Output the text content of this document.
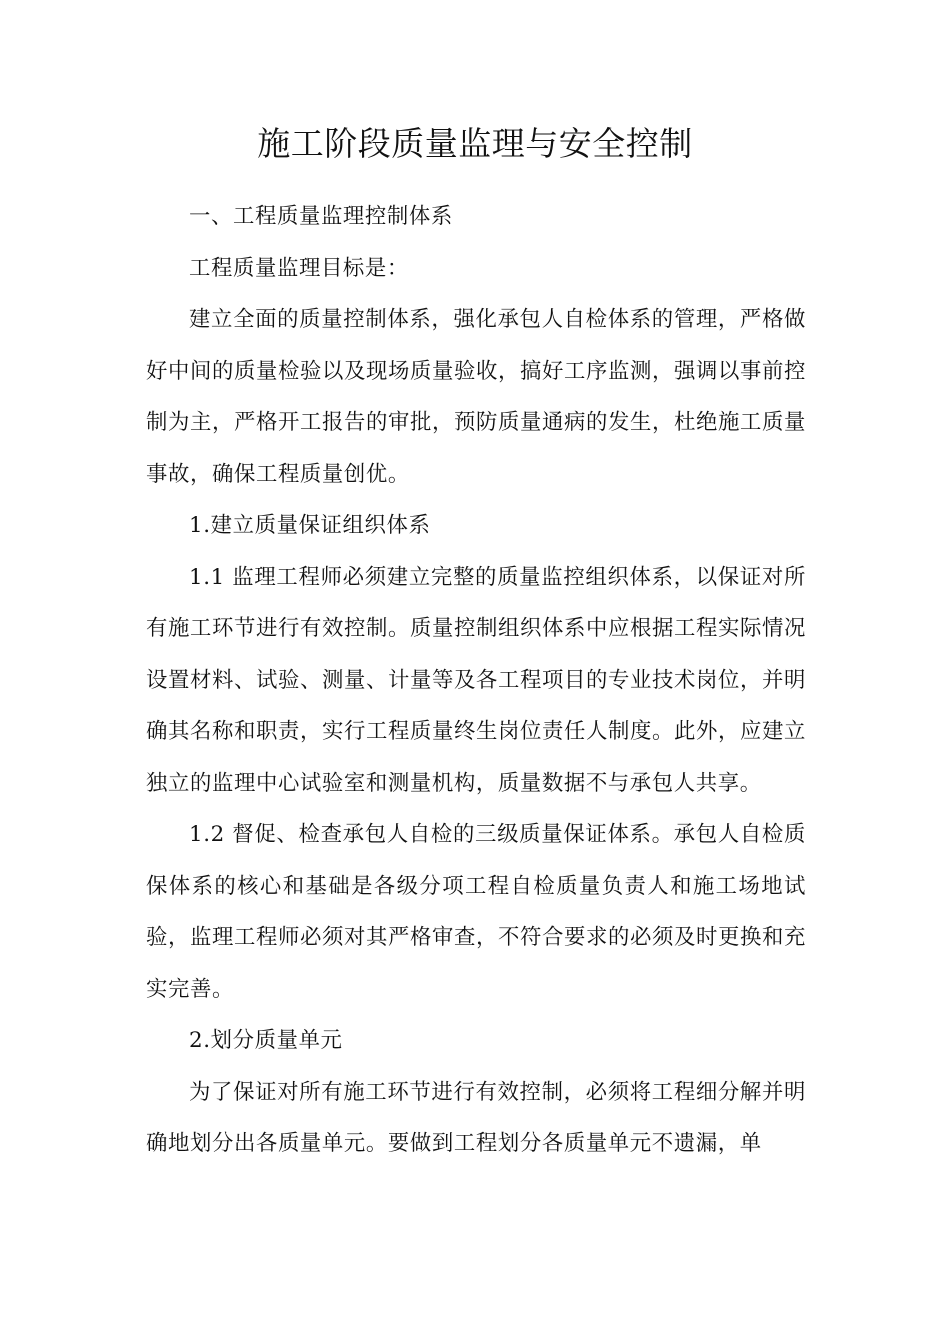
施工阶段质量监理与安全控制

一、工程质量监理控制体系

工程质量监理目标是：

建立全面的质量控制体系，强化承包人自检体系的管理，严格做好中间的质量检验以及现场质量验收，搞好工序监测，强调以事前控制为主，严格开工报告的审批，预防质量通病的发生，杜绝施工质量事故，确保工程质量创优。

1.建立质量保证组织体系

1.1 监理工程师必须建立完整的质量监控组织体系，以保证对所有施工环节进行有效控制。质量控制组织体系中应根据工程实际情况设置材料、试验、测量、计量等及各工程项目的专业技术岗位，并明确其名称和职责，实行工程质量终生岗位责任人制度。此外，应建立独立的监理中心试验室和测量机构，质量数据不与承包人共享。

1.2 督促、检查承包人自检的三级质量保证体系。承包人自检质保体系的核心和基础是各级分项工程自检质量负责人和施工场地试验，监理工程师必须对其严格审查，不符合要求的必须及时更换和充实完善。

2.划分质量单元

为了保证对所有施工环节进行有效控制，必须将工程细分解并明确地划分出各质量单元。要做到工程划分各质量单元不遗漏，单
